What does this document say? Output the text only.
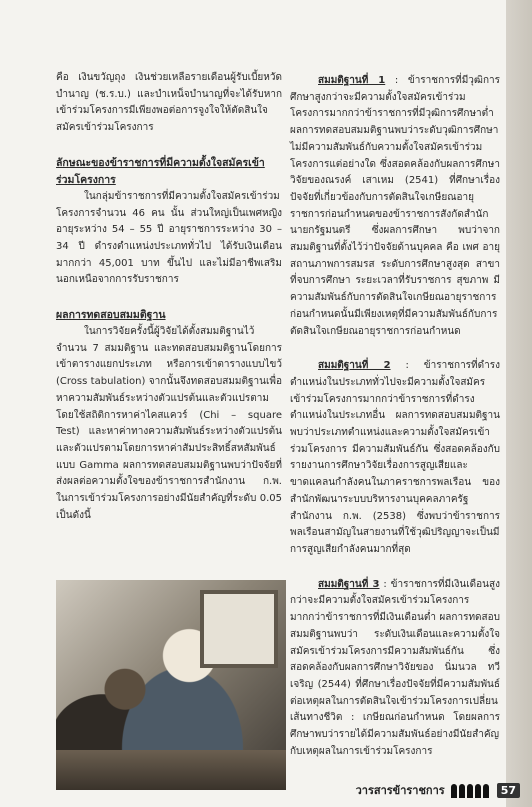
คือ เงินขวัญถุง เงินช่วยเหลือรายเดือนผู้รับเบี้ยหวัดบำนาญ (ช.ร.บ.) และบำเหน็จบำนาญที่จะได้รับหากเข้าร่วมโครงการมีเพียงพอต่อการจูงใจให้ตัดสินใจสมัครเข้าร่วมโครงการ

ลักษณะของข้าราชการที่มีความตั้งใจสมัครเข้าร่วมโครงการ

ในกลุ่มข้าราชการที่มีความตั้งใจสมัครเข้าร่วมโครงการจำนวน 46 คน นั้น ส่วนใหญ่เป็นเพศหญิงอายุระหว่าง 54 – 55 ปี อายุราชการระหว่าง 30 – 34 ปี ดำรงตำแหน่งประเภททั่วไป ได้รับเงินเดือนมากกว่า 45,001 บาท ขึ้นไป และไม่มีอาชีพเสริมนอกเหนือจากการรับราชการ

ผลการทดสอบสมมติฐาน

ในการวิจัยครั้งนี้ผู้วิจัยได้ตั้งสมมติฐานไว้จำนวน 7 สมมติฐาน และทดสอบสมมติฐานโดยการเข้าตารางแยกประเภท หรือการเข้าตารางแบบไขว้ (Cross tabulation) จากนั้นจึงทดสอบสมมติฐานเพื่อหาความสัมพันธ์ระหว่างตัวแปรต้นและตัวแปรตามโดยใช้สถิติการหาค่าไคสแควร์ (Chi – square Test) และหาค่าทางความสัมพันธ์ระหว่างตัวแปรต้นและตัวแปรตามโดยการหาค่าสัมประสิทธิ์สหสัมพันธ์แบบ Gamma ผลการทดสอบสมมติฐานพบว่าปัจจัยที่ส่งผลต่อความตั้งใจของข้าราชการสำนักงาน ก.พ. ในการเข้าร่วมโครงการอย่างมีนัยสำคัญที่ระดับ 0.05 เป็นดังนี้

สมมติฐานที่ 1 : ข้าราชการที่มีวุฒิการศึกษาสูงกว่าจะมีความตั้งใจสมัครเข้าร่วมโครงการมากกว่าข้าราชการที่มีวุฒิการศึกษาต่ำ ผลการทดสอบสมมติฐานพบว่าระดับวุฒิการศึกษา ไม่มีความสัมพันธ์กับความตั้งใจสมัครเข้าร่วมโครงการแต่อย่างใด ซึ่งสอดคล้องกับผลการศึกษาวิจัยของณรงค์ เสาเหม (2541) ที่ศึกษาเรื่องปัจจัยที่เกี่ยวข้องกับการตัดสินใจเกษียณอายุราชการก่อนกำหนดของข้าราชการสังกัดสำนักนายกรัฐมนตรี ซึ่งผลการศึกษา พบว่าจากสมมติฐานที่ตั้งไว้ว่าปัจจัยด้านบุคคล คือ เพศ อายุ สถานภาพการสมรส ระดับการศึกษาสูงสุด สาขาที่จบการศึกษา ระยะเวลาที่รับราชการ สุขภาพ มีความสัมพันธ์กับการตัดสินใจเกษียณอายุราชการก่อนกำหนดนั้นมีเพียงเหตุที่มีความสัมพันธ์กับการตัดสินใจเกษียณอายุราชการก่อนกำหนด

สมมติฐานที่ 2 : ข้าราชการที่ดำรงตำแหน่งในประเภททั่วไปจะมีความตั้งใจสมัครเข้าร่วมโครงการมากกว่าข้าราชการที่ดำรงตำแหน่งในประเภทอื่น ผลการทดสอบสมมติฐานพบว่าประเภทตำแหน่งและความตั้งใจสมัครเข้าร่วมโครงการ มีความสัมพันธ์กัน ซึ่งสอดคล้องกับรายงานการศึกษาวิจัยเรื่องการสูญเสียและขาดแคลนกำลังคนในภาคราชการพลเรือน ของสำนักพัฒนาระบบบริหารงานบุคคลภาครัฐ สำนักงาน ก.พ. (2538) ซึ่งพบว่าข้าราชการพลเรือนสามัญในสายงานที่ใช้วุฒิปริญญาจะเป็นมีการสูญเสียกำลังคนมากที่สุด

สมมติฐานที่ 3 : ข้าราชการที่มีเงินเดือนสูงกว่าจะมีความตั้งใจสมัครเข้าร่วมโครงการมากกว่าข้าราชการที่มีเงินเดือนต่ำ ผลการทดสอบสมมติฐานพบว่า ระดับเงินเดือนและความตั้งใจสมัครเข้าร่วมโครงการมีความสัมพันธ์กัน ซึ่งสอดคล้องกับผลการศึกษาวิจัยของ นิ่มนวล ทวีเจริญ (2544) ที่ศึกษาเรื่องปัจจัยที่มีความสัมพันธ์ต่อเหตุผลในการตัดสินใจเข้าร่วมโครงการเปลี่ยนเส้นทางชีวิต : เกษียณก่อนกำหนด โดยผลการศึกษาพบว่ารายได้มีความสัมพันธ์อย่างมีนัยสำคัญกับเหตุผลในการเข้าร่วมโครงการ

วารสารข้าราชการ	57
